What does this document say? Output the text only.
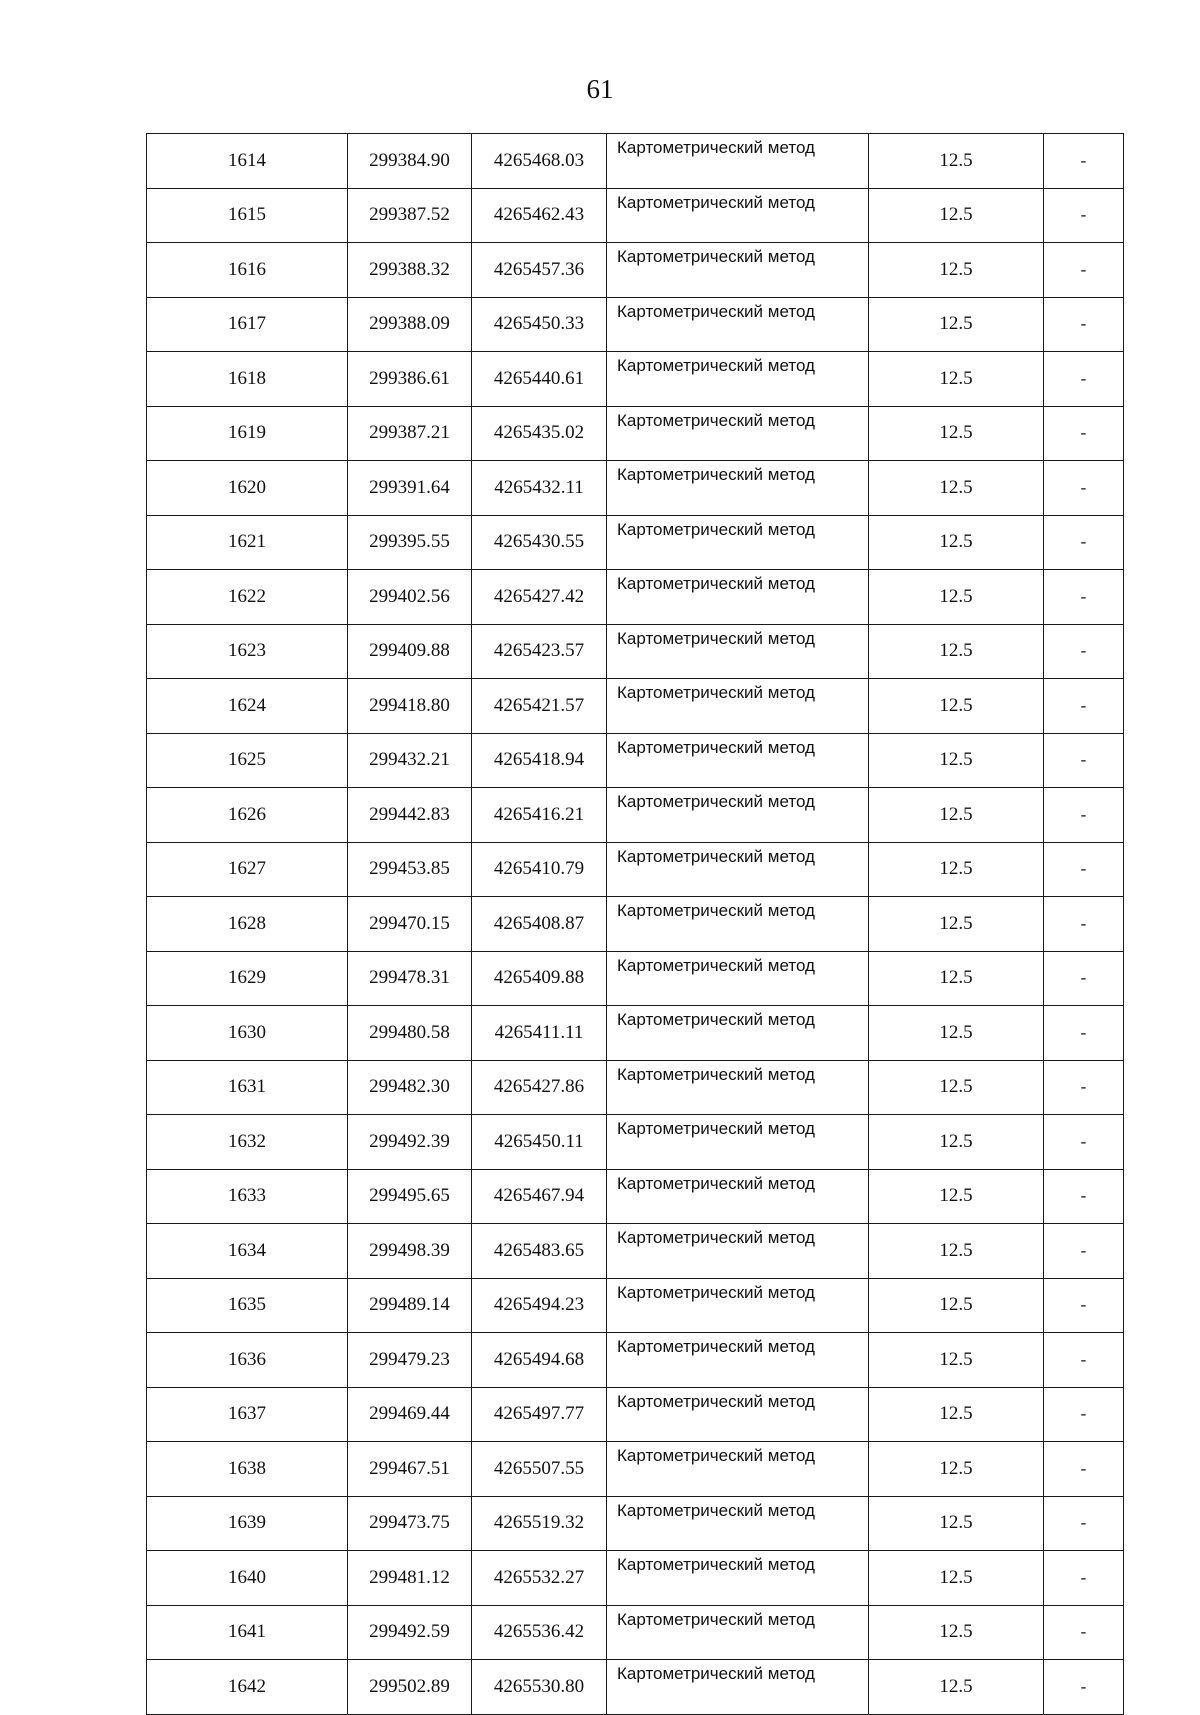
61
1614	299384.90	4265468.03	Картометрический метод	12.5	-
1615	299387.52	4265462.43	Картометрический метод	12.5	-
1616	299388.32	4265457.36	Картометрический метод	12.5	-
1617	299388.09	4265450.33	Картометрический метод	12.5	-
1618	299386.61	4265440.61	Картометрический метод	12.5	-
1619	299387.21	4265435.02	Картометрический метод	12.5	-
1620	299391.64	4265432.11	Картометрический метод	12.5	-
1621	299395.55	4265430.55	Картометрический метод	12.5	-
1622	299402.56	4265427.42	Картометрический метод	12.5	-
1623	299409.88	4265423.57	Картометрический метод	12.5	-
1624	299418.80	4265421.57	Картометрический метод	12.5	-
1625	299432.21	4265418.94	Картометрический метод	12.5	-
1626	299442.83	4265416.21	Картометрический метод	12.5	-
1627	299453.85	4265410.79	Картометрический метод	12.5	-
1628	299470.15	4265408.87	Картометрический метод	12.5	-
1629	299478.31	4265409.88	Картометрический метод	12.5	-
1630	299480.58	4265411.11	Картометрический метод	12.5	-
1631	299482.30	4265427.86	Картометрический метод	12.5	-
1632	299492.39	4265450.11	Картометрический метод	12.5	-
1633	299495.65	4265467.94	Картометрический метод	12.5	-
1634	299498.39	4265483.65	Картометрический метод	12.5	-
1635	299489.14	4265494.23	Картометрический метод	12.5	-
1636	299479.23	4265494.68	Картометрический метод	12.5	-
1637	299469.44	4265497.77	Картометрический метод	12.5	-
1638	299467.51	4265507.55	Картометрический метод	12.5	-
1639	299473.75	4265519.32	Картометрический метод	12.5	-
1640	299481.12	4265532.27	Картометрический метод	12.5	-
1641	299492.59	4265536.42	Картометрический метод	12.5	-
1642	299502.89	4265530.80	Картометрический метод	12.5	-
